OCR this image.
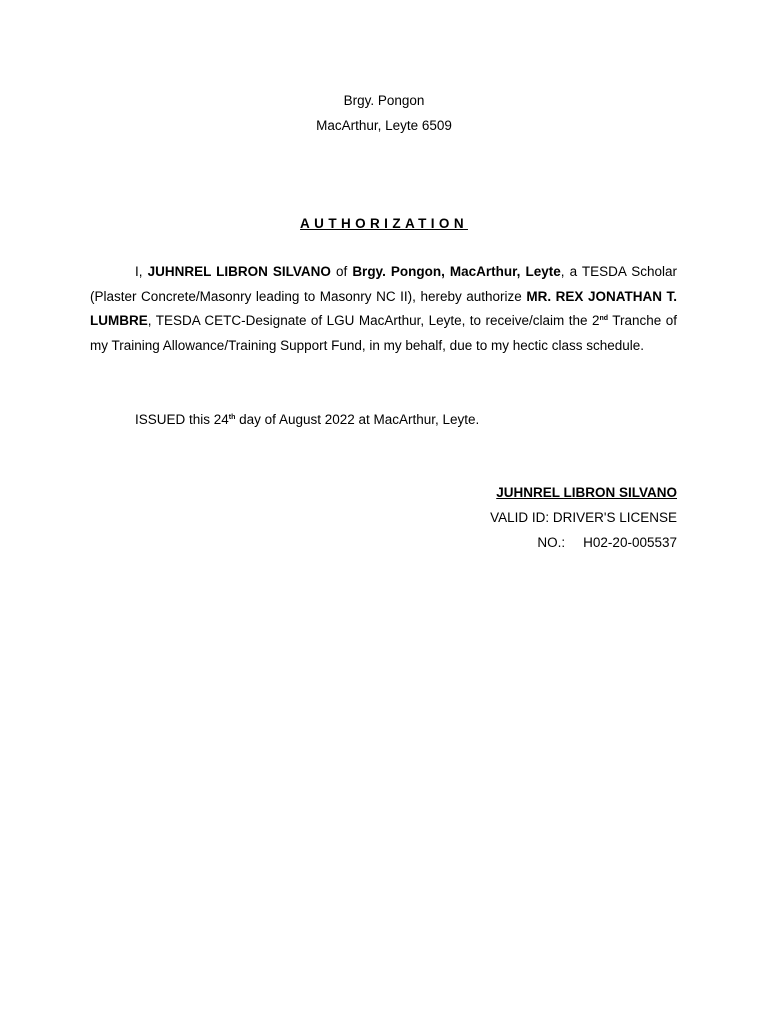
Brgy. Pongon
MacArthur, Leyte 6509
AUTHORIZATION
I, JUHNREL LIBRON SILVANO of Brgy. Pongon, MacArthur, Leyte, a TESDA Scholar (Plaster Concrete/Masonry leading to Masonry NC II), hereby authorize MR. REX JONATHAN T. LUMBRE, TESDA CETC-Designate of LGU MacArthur, Leyte, to receive/claim the 2nd Tranche of my Training Allowance/Training Support Fund, in my behalf, due to my hectic class schedule.
ISSUED this 24th day of August 2022 at MacArthur, Leyte.
JUHNREL LIBRON SILVANO
VALID ID: DRIVER'S LICENSE
NO.: H02-20-005537
